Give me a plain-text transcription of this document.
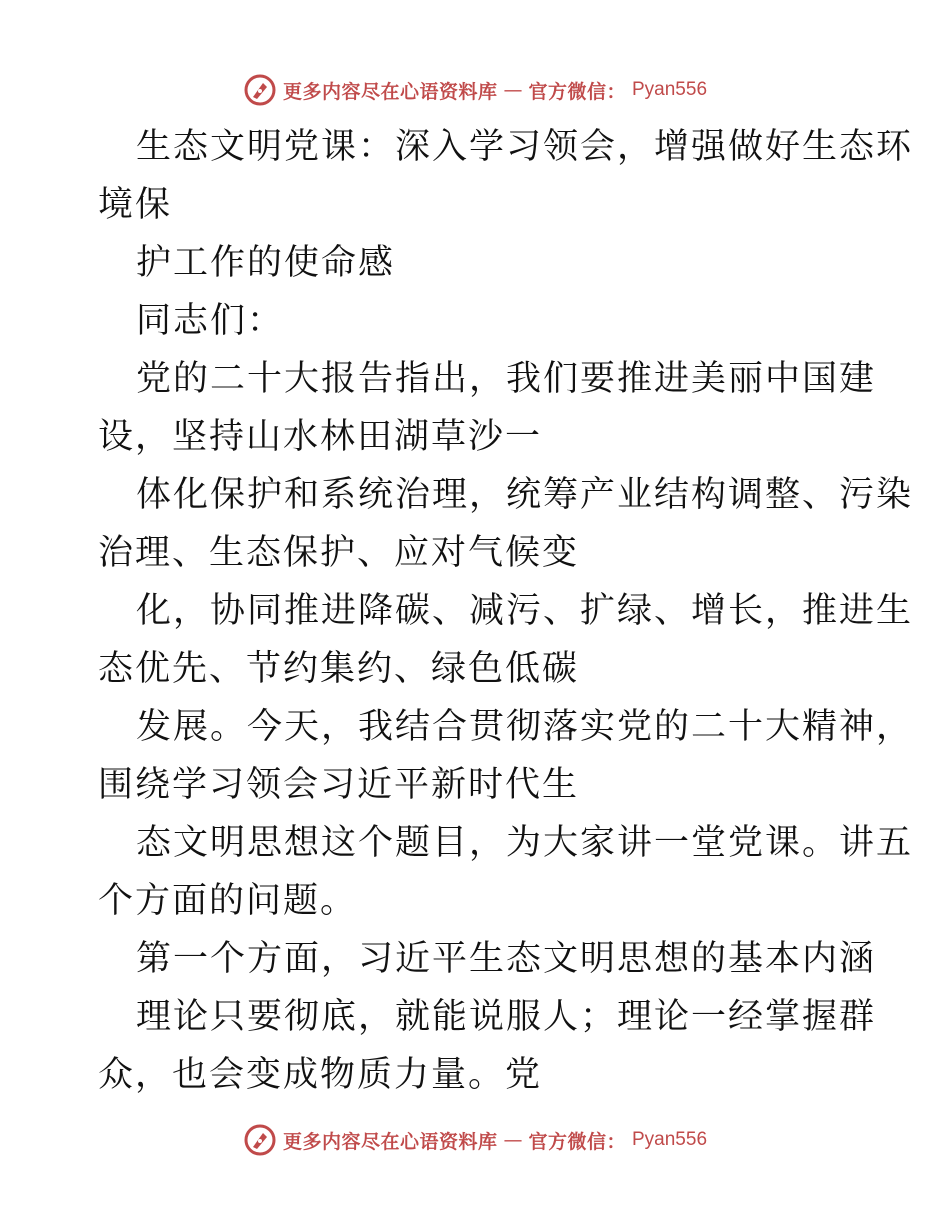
更多内容尽在心语资料库 — 官方微信： Pyan556
生态文明党课：深入学习领会，增强做好生态环
境保
护工作的使命感
同志们：
党的二十大报告指出，我们要推进美丽中国建
设，坚持山水林田湖草沙一
体化保护和系统治理，统筹产业结构调整、污染
治理、生态保护、应对气候变
化，协同推进降碳、减污、扩绿、增长，推进生
态优先、节约集约、绿色低碳
发展。今天，我结合贯彻落实党的二十大精神，
围绕学习领会习近平新时代生
态文明思想这个题目，为大家讲一堂党课。讲五
个方面的问题。
第一个方面，习近平生态文明思想的基本内涵
理论只要彻底，就能说服人；理论一经掌握群
众，也会变成物质力量。党
更多内容尽在心语资料库 — 官方微信： Pyan556
